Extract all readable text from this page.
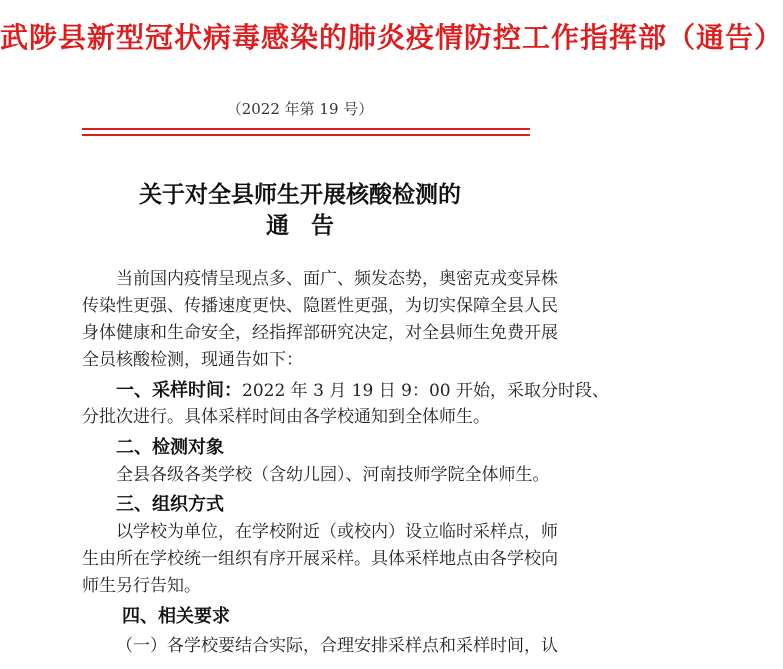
武陟县新型冠状病毒感染的肺炎疫情防控工作指挥部（通告）
（2022 年第 19 号）
关于对全县师生开展核酸检测的
通告
当前国内疫情呈现点多、面广、频发态势，奥密克戎变异株
传染性更强、传播速度更快、隐匿性更强，为切实保障全县人民
身体健康和生命安全，经指挥部研究决定，对全县师生免费开展
全员核酸检测，现通告如下：
一、采样时间：2022 年 3 月 19 日 9：00 开始，采取分时段、
分批次进行。具体采样时间由各学校通知到全体师生。
二、检测对象
全县各级各类学校（含幼儿园）、河南技师学院全体师生。
三、组织方式
以学校为单位，在学校附近（或校内）设立临时采样点，师
生由所在学校统一组织有序开展采样。具体采样地点由各学校向
师生另行告知。
四、相关要求
（一）各学校要结合实际，合理安排采样点和采样时间，认
